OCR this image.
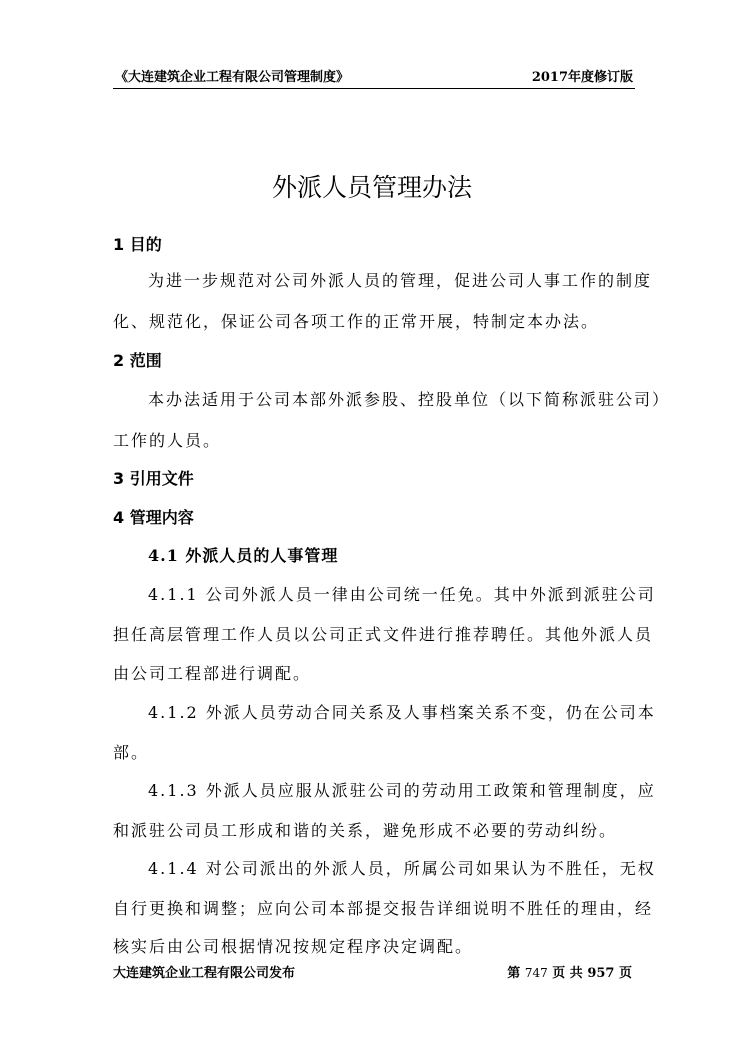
《大连建筑企业工程有限公司管理制度》	2017年度修订版
外派人员管理办法
1 目的
为进一步规范对公司外派人员的管理，促进公司人事工作的制度
化、规范化，保证公司各项工作的正常开展，特制定本办法。
2 范围
本办法适用于公司本部外派参股、控股单位（以下简称派驻公司）
工作的人员。
3 引用文件
4 管理内容
4.1 外派人员的人事管理
4.1.1 公司外派人员一律由公司统一任免。其中外派到派驻公司
担任高层管理工作人员以公司正式文件进行推荐聘任。其他外派人员
由公司工程部进行调配。
4.1.2 外派人员劳动合同关系及人事档案关系不变，仍在公司本
部。
4.1.3 外派人员应服从派驻公司的劳动用工政策和管理制度，应
和派驻公司员工形成和谐的关系，避免形成不必要的劳动纠纷。
4.1.4 对公司派出的外派人员，所属公司如果认为不胜任，无权
自行更换和调整；应向公司本部提交报告详细说明不胜任的理由，经
核实后由公司根据情况按规定程序决定调配。
大连建筑企业工程有限公司发布	第 747 页 共 957 页
